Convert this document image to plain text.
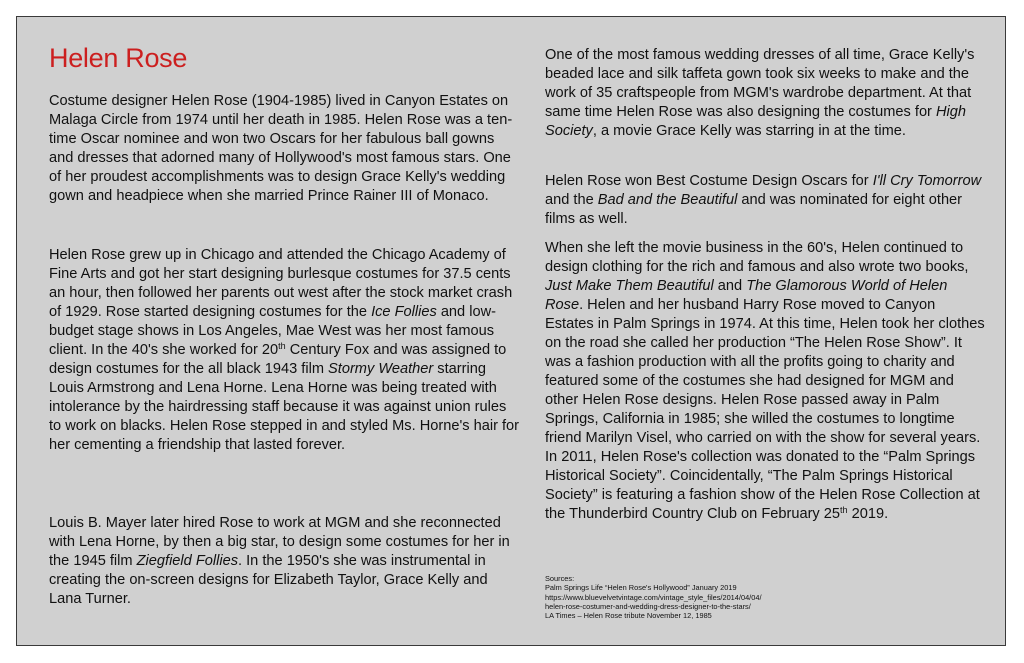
Helen Rose

Costume designer Helen Rose (1904-1985) lived in Canyon Estates on Malaga Circle from 1974 until her death in 1985. Helen Rose was a ten-time Oscar nominee and won two Oscars for her fabulous ball gowns and dresses that adorned many of Hollywood's most famous stars. One of her proudest accomplishments was to design Grace Kelly's wedding gown and headpiece when she married Prince Rainer III of Monaco.

Helen Rose grew up in Chicago and attended the Chicago Academy of Fine Arts and got her start designing burlesque costumes for 37.5 cents an hour, then followed her parents out west after the stock market crash of 1929. Rose started designing costumes for the Ice Follies and low-budget stage shows in Los Angeles, Mae West was her most famous client. In the 40's she worked for 20th Century Fox and was assigned to design costumes for the all black 1943 film Stormy Weather starring Louis Armstrong and Lena Horne. Lena Horne was being treated with intolerance by the hairdressing staff because it was against union rules to work on blacks. Helen Rose stepped in and styled Ms. Horne's hair for her cementing a friendship that lasted forever.

Louis B. Mayer later hired Rose to work at MGM and she reconnected with Lena Horne, by then a big star, to design some costumes for her in the 1945 film Ziegfield Follies. In the 1950's she was instrumental in creating the on-screen designs for Elizabeth Taylor, Grace Kelly and Lana Turner.

One of the most famous wedding dresses of all time, Grace Kelly's beaded lace and silk taffeta gown took six weeks to make and the work of 35 craftspeople from MGM's wardrobe department. At that same time Helen Rose was also designing the costumes for High Society, a movie Grace Kelly was starring in at the time.

Helen Rose won Best Costume Design Oscars for I'll Cry Tomorrow and the Bad and the Beautiful and was nominated for eight other films as well.

When she left the movie business in the 60's, Helen continued to design clothing for the rich and famous and also wrote two books, Just Make Them Beautiful and The Glamorous World of Helen Rose. Helen and her husband Harry Rose moved to Canyon Estates in Palm Springs in 1974. At this time, Helen took her clothes on the road she called her production “The Helen Rose Show”. It was a fashion production with all the profits going to charity and featured some of the costumes she had designed for MGM and other Helen Rose designs. Helen Rose passed away in Palm Springs, California in 1985; she willed the costumes to longtime friend Marilyn Visel, who carried on with the show for several years. In 2011, Helen Rose's collection was donated to the “Palm Springs Historical Society”. Coincidentally, “The Palm Springs Historical Society” is featuring a fashion show of the Helen Rose Collection at the Thunderbird Country Club on February 25th 2019.

Sources:
Palm Springs Life “Helen Rose's Hollywood” January 2019
https://www.bluevelvetvintage.com/vintage_style_files/2014/04/04/
helen-rose-costumer-and-wedding-dress-designer-to-the-stars/
LA Times – Helen Rose tribute November 12, 1985
